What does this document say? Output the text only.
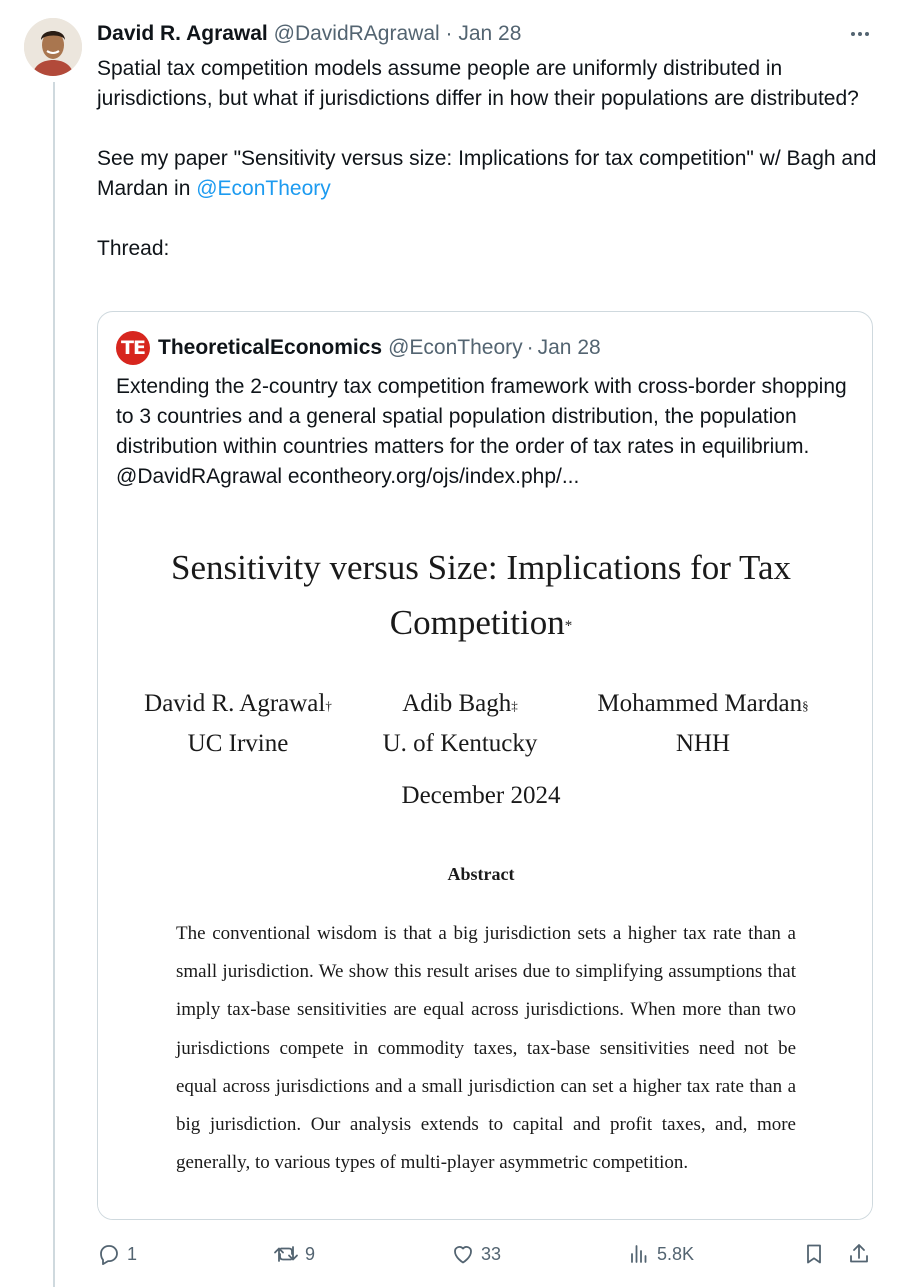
David R. Agrawal @DavidRAgrawal · Jan 28

Spatial tax competition models assume people are uniformly distributed in jurisdictions, but what if jurisdictions differ in how their populations are distributed?

See my paper "Sensitivity versus size: Implications for tax competition" w/ Bagh and Mardan in @EconTheory

Thread:

TE TheoreticalEconomics @EconTheory · Jan 28
Extending the 2-country tax competition framework with cross-border shopping to 3 countries and a general spatial population distribution, the population distribution within countries matters for the order of tax rates in equilibrium. @DavidRAgrawal econtheory.org/ojs/index.php/...
Sensitivity versus Size: Implications for Tax
Competition*
David R. Agrawal†
UC Irvine
Adib Bagh‡
U. of Kentucky
Mohammed Mardan§
NHH
December 2024
Abstract
The conventional wisdom is that a big jurisdiction sets a higher tax rate than a small jurisdiction. We show this result arises due to simplifying assumptions that imply tax-base sensitivities are equal across jurisdictions. When more than two jurisdictions compete in commodity taxes, tax-base sensitivities need not be equal across jurisdictions and a small jurisdiction can set a higher tax rate than a big jurisdiction. Our analysis extends to capital and profit taxes, and, more generally, to various types of multi-player asymmetric competition.
1	9	33	5.8K
